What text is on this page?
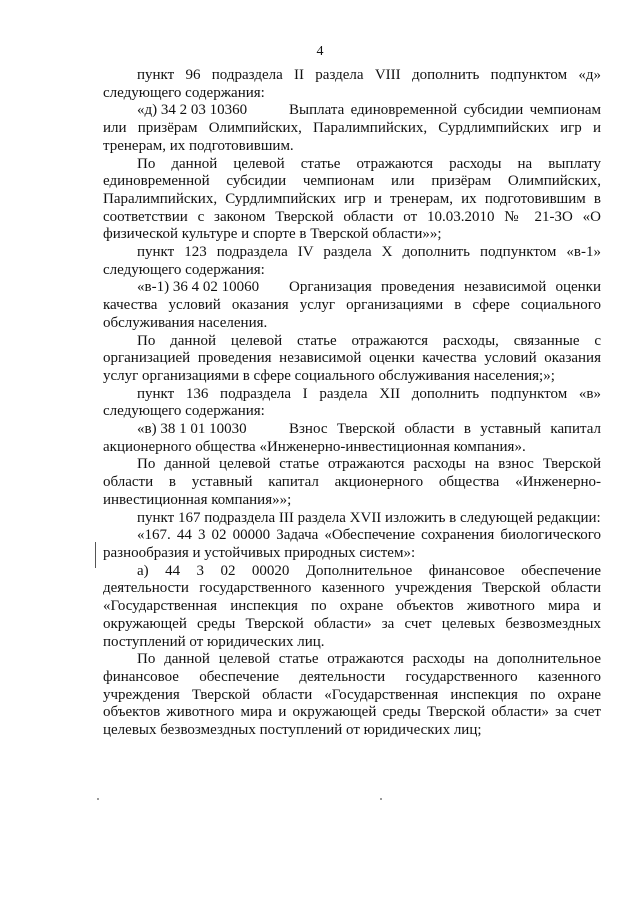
4

пункт 96 подраздела II раздела VIII дополнить подпунктом «д» следующего содержания:

«д) 34 2 03 10360	Выплата единовременной субсидии чемпионам
или призёрам Олимпийских, Паралимпийских, Сурдлимпийских игр и тренерам, их подготовившим.

По данной целевой статье отражаются расходы на выплату единовременной субсидии чемпионам или призёрам Олимпийских, Паралимпийских, Сурдлимпийских игр и тренерам, их подготовившим в соответствии с законом Тверской области от 10.03.2010 № 21-ЗО «О физической культуре и спорте в Тверской области»»;

пункт 123 подраздела IV раздела X дополнить подпунктом «в-1» следующего содержания:

«в-1) 36 4 02 10060	Организация проведения независимой оценки
качества условий оказания услуг организациями в сфере социального обслуживания населения.

По данной целевой статье отражаются расходы, связанные с организацией проведения независимой оценки качества условий оказания услуг организациями в сфере социального обслуживания населения;»;

пункт 136 подраздела I раздела XII дополнить подпунктом «в» следующего содержания:

«в) 38 1 01 10030	Взнос Тверской области в уставный капитал
акционерного общества «Инженерно-инвестиционная компания».

По данной целевой статье отражаются расходы на взнос Тверской области в уставный капитал акционерного общества «Инженерно-инвестиционная компания»»;

пункт 167 подраздела III раздела XVII изложить в следующей редакции:

«167. 44 3 02 00000 Задача «Обеспечение сохранения биологического разнообразия и устойчивых природных систем»:

а) 44 3 02 00020 Дополнительное финансовое обеспечение деятельности государственного казенного учреждения Тверской области «Государственная инспекция по охране объектов животного мира и окружающей среды Тверской области» за счет целевых безвозмездных поступлений от юридических лиц.

По данной целевой статье отражаются расходы на дополнительное финансовое обеспечение деятельности государственного казенного учреждения Тверской области «Государственная инспекция по охране объектов животного мира и окружающей среды Тверской области» за счет целевых безвозмездных поступлений от юридических лиц;
